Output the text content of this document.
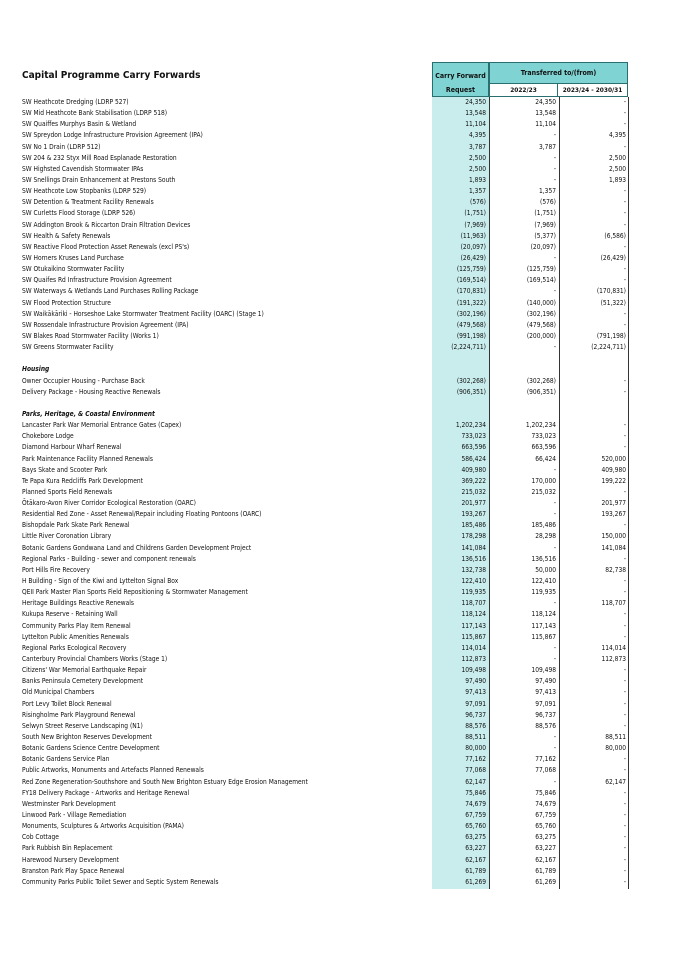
Capital Programme Carry Forwards	Carry Forward
Request
Transferred to/(from)
2022/23	2023/24 - 2030/31
SW Heathcote Dredging (LDRP 527)	24,350	24,350	-
SW Mid Heathcote Bank Stabilisation (LDRP 518)	13,548	13,548	-
SW Quaiffes Murphys Basin & Wetland	11,104	11,104	-
SW Spreydon Lodge Infrastructure Provision Agreement (IPA)	4,395	-	4,395
SW No 1 Drain (LDRP 512)	3,787	3,787	-
SW 204 & 232 Styx Mill Road Esplanade Restoration	2,500	-	2,500
SW Highsted Cavendish Stormwater IPAs	2,500	-	2,500
SW Snellings Drain Enhancement at Prestons South	1,893	-	1,893
SW Heathcote Low Stopbanks (LDRP 529)	1,357	1,357	-
SW Detention & Treatment Facility Renewals	(576)	(576)	-
SW Curletts Flood Storage (LDRP 526)	(1,751)	(1,751)	-
SW Addington Brook & Riccarton Drain Filtration Devices	(7,969)	(7,969)	-
SW Health & Safety Renewals	(11,963)	(5,377)	(6,586)
SW Reactive Flood Protection Asset Renewals (excl PS's)	(20,097)	(20,097)	-
SW Horners Kruses Land Purchase	(26,429)	-	(26,429)
SW Otukaikino Stormwater Facility	(125,759)	(125,759)	-
SW Quaifes Rd Infrastructure Provision Agreement	(169,514)	(169,514)	-
SW Waterways & Wetlands Land Purchases Rolling Package	(170,831)	-	(170,831)
SW Flood Protection Structure	(191,322)	(140,000)	(51,322)
SW Waikākāriki - Horseshoe Lake Stormwater Treatment Facility (OARC) (Stage 1)	(302,196)	(302,196)	-
SW Rossendale Infrastructure Provision Agreement (IPA)	(479,568)	(479,568)	-
SW Blakes Road Stormwater Facility (Works 1)	(991,198)	(200,000)	(791,198)
SW Greens Stormwater Facility	(2,224,711)	-	(2,224,711)
Housing
Owner Occupier Housing - Purchase Back	(302,268)	(302,268)	-
Delivery Package - Housing Reactive Renewals	(906,351)	(906,351)	-
Parks, Heritage, & Coastal Environment
Lancaster Park War Memorial Entrance Gates (Capex)	1,202,234	1,202,234	-
Chokebore Lodge	733,023	733,023	-
Diamond Harbour Wharf Renewal	663,596	663,596	-
Park Maintenance Facility Planned Renewals	586,424	66,424	520,000
Bays Skate and Scooter Park	409,980	-	409,980
Te Papa Kura Redcliffs Park Development	369,222	170,000	199,222
Planned Sports Field Renewals	215,032	215,032	-
Ōtākaro-Avon River Corridor Ecological Restoration (OARC)	201,977	-	201,977
Residential Red Zone - Asset Renewal/Repair including Floating Pontoons (OARC)	193,267	-	193,267
Bishopdale Park Skate Park Renewal	185,486	185,486	-
Little River Coronation Library	178,298	28,298	150,000
Botanic Gardens Gondwana Land and Childrens Garden Development Project	141,084	-	141,084
Regional Parks - Building - sewer and component renewals	136,516	136,516	-
Port Hills Fire Recovery	132,738	50,000	82,738
H Building - Sign of the Kiwi and Lyttelton Signal Box	122,410	122,410	-
QEII Park Master Plan Sports Field Repositioning & Stormwater Management	119,935	119,935	-
Heritage Buildings Reactive Renewals	118,707	-	118,707
Kukupa Reserve - Retaining Wall	118,124	118,124	-
Community Parks Play Item Renewal	117,143	117,143	-
Lyttelton Public Amenities Renewals	115,867	115,867	-
Regional Parks Ecological Recovery	114,014	-	114,014
Canterbury Provincial Chambers Works (Stage 1)	112,873	-	112,873
Citizens' War Memorial Earthquake Repair	109,498	109,498	-
Banks Peninsula Cemetery Development	97,490	97,490	-
Old Municipal Chambers	97,413	97,413	-
Port Levy Toilet Block Renewal	97,091	97,091	-
Risingholme Park Playground Renewal	96,737	96,737	-
Selwyn Street Reserve Landscaping (N1)	88,576	88,576	-
South New Brighton Reserves Development	88,511	-	88,511
Botanic Gardens Science Centre Development	80,000	-	80,000
Botanic Gardens Service Plan	77,162	77,162	-
Public Artworks, Monuments and Artefacts Planned Renewals	77,068	77,068	-
Red Zone Regeneration-Southshore and South New Brighton Estuary Edge Erosion Management	62,147	-	62,147
FY18 Delivery Package - Artworks and Heritage Renewal	75,846	75,846	-
Westminster Park Development	74,679	74,679	-
Linwood Park - Village Remediation	67,759	67,759	-
Monuments, Sculptures & Artworks Acquisition (PAMA)	65,760	65,760	-
Cob Cottage	63,275	63,275	-
Park Rubbish Bin Replacement	63,227	63,227	-
Harewood Nursery Development	62,167	62,167	-
Branston Park Play Space Renewal	61,789	61,789	-
Community Parks Public Toilet Sewer and Septic System Renewals	61,269	61,269	-
